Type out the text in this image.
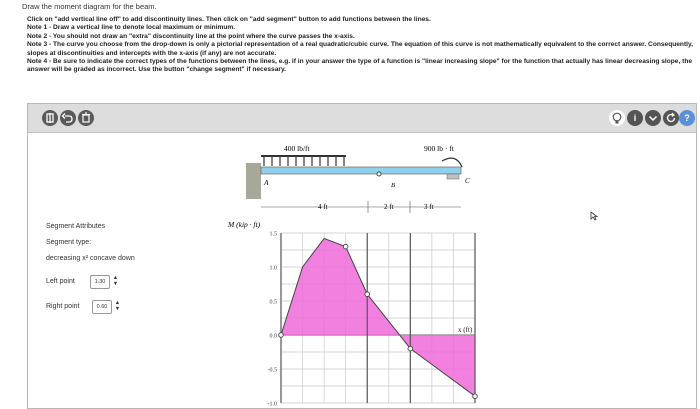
Draw the moment diagram for the beam.
Click on "add vertical line off" to add discontinuity lines. Then click on "add segment" button to add functions between the lines.
Note 1 - Draw a vertical line to denote local maximum or minimum.
Note 2 - You should not draw an "extra" discontinuity line at the point where the curve passes the x-axis.
Note 3 - The curve you choose from the drop-down is only a pictorial representation of a real quadratic/cubic curve. The equation of this curve is not mathematically equivalent to the correct answer. Consequently, slopes at discontinuities and intercepts with the x-axis (if any) are not accurate.
Note 4 - Be sure to indicate the correct types of the functions between the lines, e.g. if in your answer the type of a function is "linear increasing slope" for the function that actually has linear decreasing slope, the answer will be graded as incorrect. Use the button "change segment" if necessary.
i	?
400 lb/ft
A	B
C
900 lb · ft
4 ft	2 ft	3 ft
M (kip · ft)
1.5
1.0
0.5
0.0
-0.5
-1.0
x (ft)
Segment Attributes
Segment type:
decreasing x² concave down
Left point	1.30
▲
▼
Right point	0.60
▲
▼
